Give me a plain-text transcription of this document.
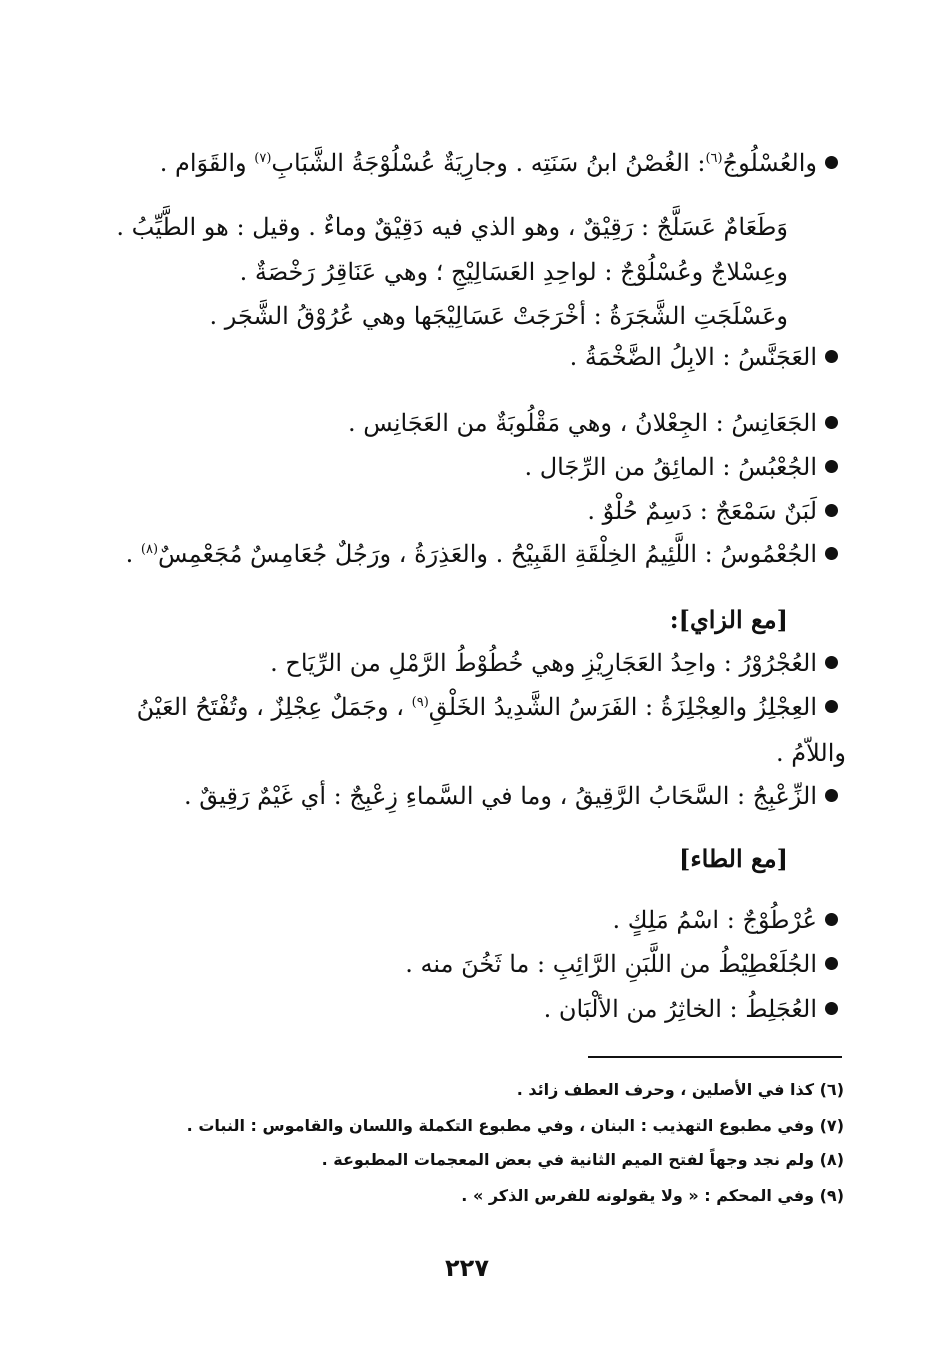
والعُسْلُوجُ$^{(٦)}$: الغُصْنُ ابنُ سَنَتِه . وجارِيَةٌ عُسْلُوْجَةُ الشَّبَابِ$^{(٧)}$ والقَوَام .
وَطَعَامٌ عَسَلَّجٌ : رَقِيْقٌ ، وهو الذي فيه دَقِيْقٌ وماءٌ . وقيل : هو الطَّيِّبُ .
وعِسْلاجٌ وعُسْلُوْجٌ : لواحِدِ العَسَالِيْجِ ؛ وهي عَنَاقِرُ رَخْصَةٌ .
وعَسْلَجَتِ الشَّجَرَةُ : أخْرَجَتْ عَسَالِيْجَها وهي عُرُوْقُ الشَّجَر .
العَجَنَّسُ : الابِلُ الضَّخْمَةُ .
الجَعَانِسُ : الجِعْلانُ ، وهي مَقْلُوبَةٌ من العَجَانِس .
الجُعْبُسُ : المائِقُ من الرِّجَال .
لَبَنٌ سَمْعَجٌ : دَسِمٌ حُلْوٌ .
الجُعْمُوسُ : اللَّئِيمُ الخِلْقَةِ القَبِيْحُ . والعَذِرَةُ ، ورَجُلٌ جُعَامِسٌ مُجَعْمِسٌ$^{(٨)}$ .
[مع الزاي]:
العُجْرُوْرُ : واحِدُ العَجَارِيْزِ وهي خُطُوْطُ الرَّمْلِ من الرِّيَاح .
العِجْلِزُ والعِجْلِزَةُ : الفَرَسُ الشَّدِيدُ الخَلْقِ$^{(٩)}$ ، وجَمَلٌ عِجْلِزٌ ، وتُفْتَحُ العَيْنُ
واللاّمُ .
الزِّعْبِجُ : السَّحَابُ الرَّقِيقُ ، وما في السَّماءِ زِعْبِجٌ : أي غَيْمٌ رَقِيقٌ .
[مع الطاء]
عُرْطُوْجٌ : اسْمُ مَلِكٍ .
الجُلَعْطِيْطُ من اللَّبَنِ الرَّائِبِ : ما ثَخُنَ منه .
العُجَلِطُ : الخاثِرُ من الألْبَان .
(٦) كذا في الأصلين ، وحرف العطف زائد .
(٧) وفي مطبوع التهذيب : البنان ، وفي مطبوع التكملة واللسان والقاموس : النبات .
(٨) ولم نجد وجهاً لفتح الميم الثانية في بعض المعجمات المطبوعة .
(٩) وفي المحكم : « ولا يقولونه للفرس الذكر » .
٢٢٧
